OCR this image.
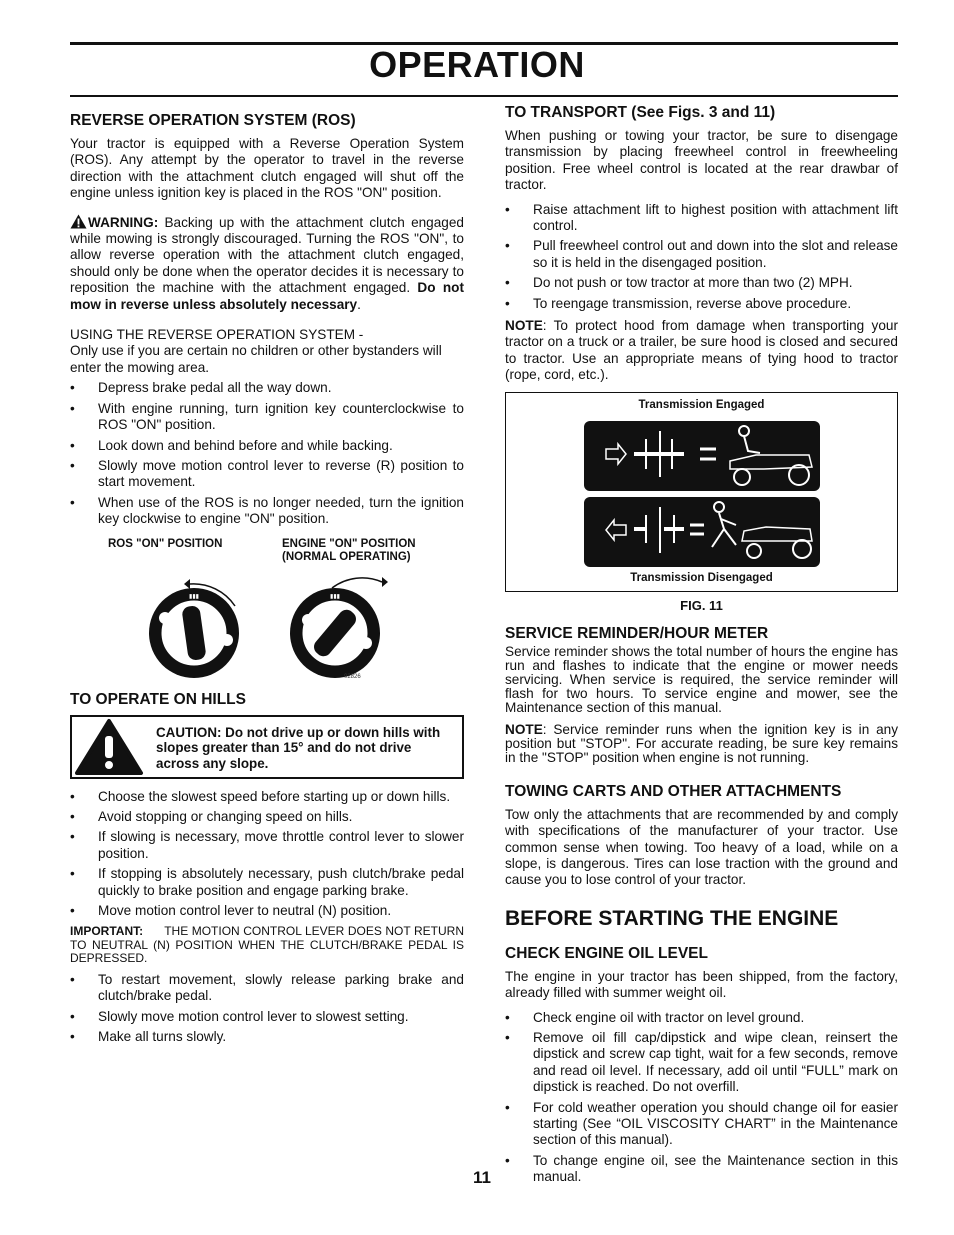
OPERATION
REVERSE OPERATION SYSTEM (ROS)

Your tractor is equipped with a Reverse Operation System (ROS). Any attempt by the operator to travel in the reverse direction with the attachment clutch engaged will shut off the engine unless ignition key is placed in the ROS "ON" position.

WARNING: Backing up with the attachment clutch engaged while mowing is strongly discouraged. Turning the ROS "ON", to allow reverse operation with the attachment clutch engaged, should only be done when the operator decides it is necessary to reposition the machine with the attachment engaged. Do not mow in reverse unless absolutely necessary.

USING THE REVERSE OPERATION SYSTEM -
Only use if you are certain no children or other bystanders will enter the mowing area.

• Depress brake pedal all the way down.
• With engine running, turn ignition key counterclockwise to ROS "ON" position.
• Look down and behind before and while backing.
• Slowly move motion control lever to reverse (R) position to start movement.
• When use of the ROS is no longer needed, turn the ignition key clockwise to engine "ON" position.
ROS "ON" POSITION	ENGINE "ON" POSITION
(NORMAL OPERATING)
▮▮▮	▮▮▮
02826
TO OPERATE ON HILLS
CAUTION: Do not drive up or down hills with slopes greater than 15° and do not drive across any slope.
• Choose the slowest speed before starting up or down hills.
• Avoid stopping or changing speed on hills.
• If slowing is necessary, move throttle control lever to slower position.
• If stopping is absolutely necessary, push clutch/brake pedal quickly to brake position and engage parking brake.
• Move motion control lever to neutral (N) position.

IMPORTANT: THE MOTION CONTROL LEVER DOES NOT RETURN TO NEUTRAL (N) POSITION WHEN THE CLUTCH/BRAKE PEDAL IS DEPRESSED.

• To restart movement, slowly release parking brake and clutch/brake pedal.
• Slowly move motion control lever to slowest setting.
• Make all turns slowly.
TO TRANSPORT (See Figs. 3 and 11)

When pushing or towing your tractor, be sure to disengage transmission by placing freewheel control in freewheeling position. Free wheel control is located at the rear drawbar of tractor.

• Raise attachment lift to highest position with attachment lift control.
• Pull freewheel control out and down into the slot and release so it is held in the disengaged position.
• Do not push or tow tractor at more than two (2) MPH.
• To reengage transmission, reverse above procedure.

NOTE: To protect hood from damage when transporting your tractor on a truck or a trailer, be sure hood is closed and secured to tractor. Use an appropriate means of tying hood to tractor (rope, cord, etc.).

Transmission Engaged
Transmission Disengaged
FIG. 11
SERVICE REMINDER/HOUR METER

Service reminder shows the total number of hours the engine has run and flashes to indicate that the engine or mower needs servicing. When service is required, the service reminder will flash for two hours. To service engine and mower, see the Maintenance section of this manual.

NOTE: Service reminder runs when the ignition key is in any position but "STOP". For accurate reading, be sure key remains in the "STOP" position when engine is not running.

TOWING CARTS AND OTHER ATTACHMENTS

Tow only the attachments that are recommended by and comply with specifications of the manufacturer of your tractor. Use common sense when towing. Too heavy of a load, while on a slope, is dangerous. Tires can lose traction with the ground and cause you to lose control of your tractor.

BEFORE STARTING THE ENGINE
CHECK ENGINE OIL LEVEL

The engine in your tractor has been shipped, from the factory, already filled with summer weight oil.

• Check engine oil with tractor on level ground.
• Remove oil fill cap/dipstick and wipe clean, reinsert the dipstick and screw cap tight, wait for a few seconds, remove and read oil level. If necessary, add oil until “FULL” mark on dipstick is reached. Do not overfill.
• For cold weather operation you should change oil for easier starting (See “OIL VISCOSITY CHART” in the Maintenance section of this manual).
• To change engine oil, see the Maintenance section in this manual.
11
